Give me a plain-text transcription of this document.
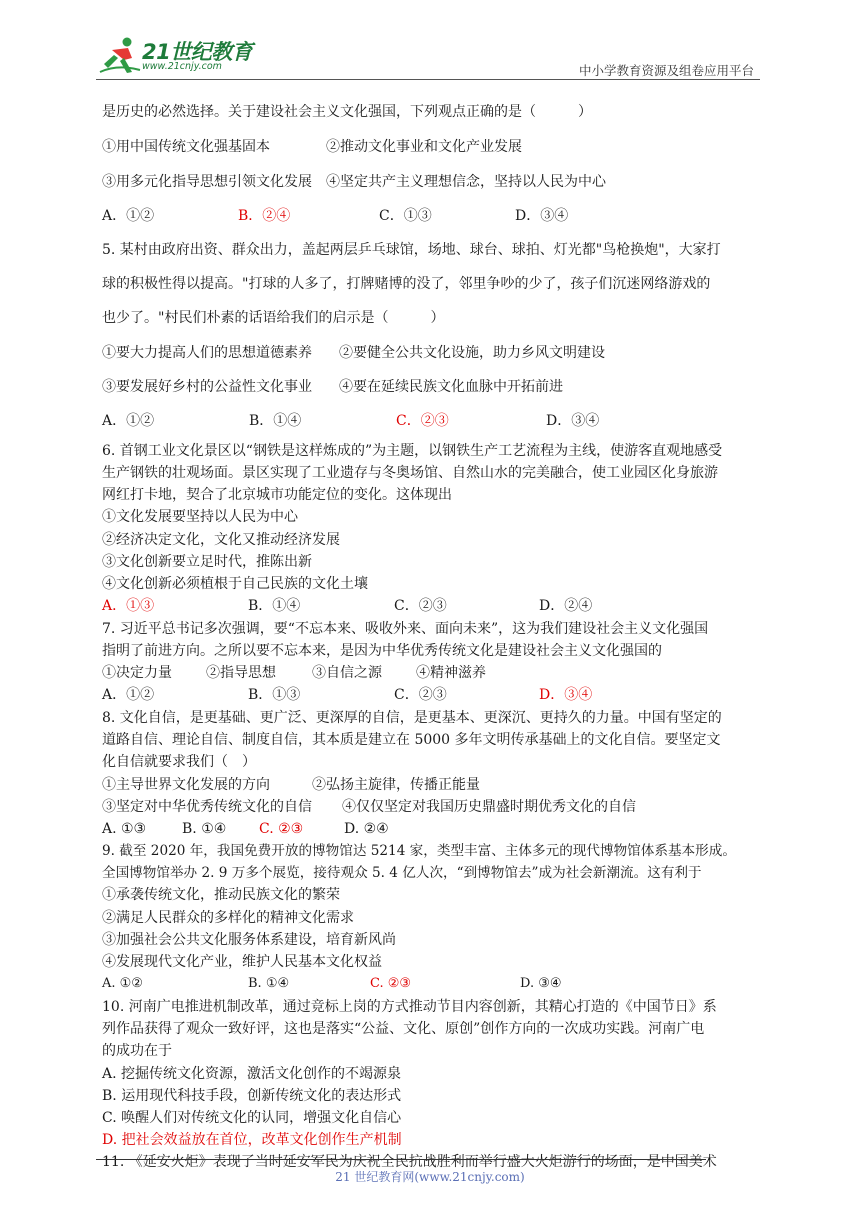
21世纪教育
www.21cnjy.com	中小学教育资源及组卷应用平台
是历史的必然选择。关于建设社会主义文化强国，下列观点正确的是（　　　）
①用中国传统文化强基固本	②推动文化事业和文化产业发展
③用多元化指导思想引领文化发展 ④坚定共产主义理想信念，坚持以人民为中心
A．①②	B．②④	C．①③	D．③④
5. 某村由政府出资、群众出力，盖起两层乒乓球馆，场地、球台、球拍、灯光都"鸟枪换炮"，大家打
球的积极性得以提高。"打球的人多了，打牌赌博的没了，邻里争吵的少了，孩子们沉迷网络游戏的
也少了。"村民们朴素的话语给我们的启示是（　　　）
①要大力提高人们的思想道德素养 ②要健全公共文化设施，助力乡风文明建设
③要发展好乡村的公益性文化事业 ④要在延续民族文化血脉中开拓前进
A．①②	B．①④	C．②③	D．③④
6. 首钢工业文化景区以“钢铁是这样炼成的”为主题，以钢铁生产工艺流程为主线，使游客直观地感受
生产钢铁的壮观场面。景区实现了工业遗存与冬奥场馆、自然山水的完美融合，使工业园区化身旅游
网红打卡地，契合了北京城市功能定位的变化。这体现出
①文化发展要坚持以人民为中心
②经济决定文化，文化又推动经济发展
③文化创新要立足时代，推陈出新
④文化创新必须植根于自己民族的文化土壤
A．①③	B．①④	C．②③	D．②④
7. 习近平总书记多次强调，要“不忘本来、吸收外来、面向未来”，这为我们建设社会主义文化强国
指明了前进方向。之所以要不忘本来，是因为中华优秀传统文化是建设社会主义文化强国的
①决定力量 ②指导思想	③自信之源 ④精神滋养
A．①②	B．①③	C．②③	D．③④
8. 文化自信，是更基础、更广泛、更深厚的自信，是更基本、更深沉、更持久的力量。中国有坚定的
道路自信、理论自信、制度自信，其本质是建立在 5000 多年文明传承基础上的文化自信。要坚定文
化自信就要求我们（　）
①主导世界文化发展的方向	②弘扬主旋律，传播正能量
③坚定对中华优秀传统文化的自信 ④仅仅坚定对我国历史鼎盛时期优秀文化的自信
A. ①③	B. ①④ C. ②③	D. ②④
9. 截至 2020 年，我国免费开放的博物馆达 5214 家，类型丰富、主体多元的现代博物馆体系基本形成。
全国博物馆举办 2. 9 万多个展览，接待观众 5. 4 亿人次，“到博物馆去”成为社会新潮流。这有利于
①承袭传统文化，推动民族文化的繁荣
②满足人民群众的多样化的精神文化需求
③加强社会公共文化服务体系建设，培育新风尚
④发展现代文化产业，维护人民基本文化权益
A. ①②	B. ①④	C. ②③	D. ③④
10. 河南广电推进机制改革，通过竞标上岗的方式推动节目内容创新，其精心打造的《中国节日》系
列作品获得了观众一致好评，这也是落实“公益、文化、原创”创作方向的一次成功实践。河南广电
的成功在于
A. 挖掘传统文化资源，激活文化创作的不竭源泉
B. 运用现代科技手段，创新传统文化的表达形式
C. 唤醒人们对传统文化的认同，增强文化自信心
D. 把社会效益放在首位，改革文化创作生产机制
11. 《延安火炬》表现了当时延安军民为庆祝全民抗战胜利而举行盛大火炬游行的场面，是中国美术
21 世纪教育网(www.21cnjy.com)
